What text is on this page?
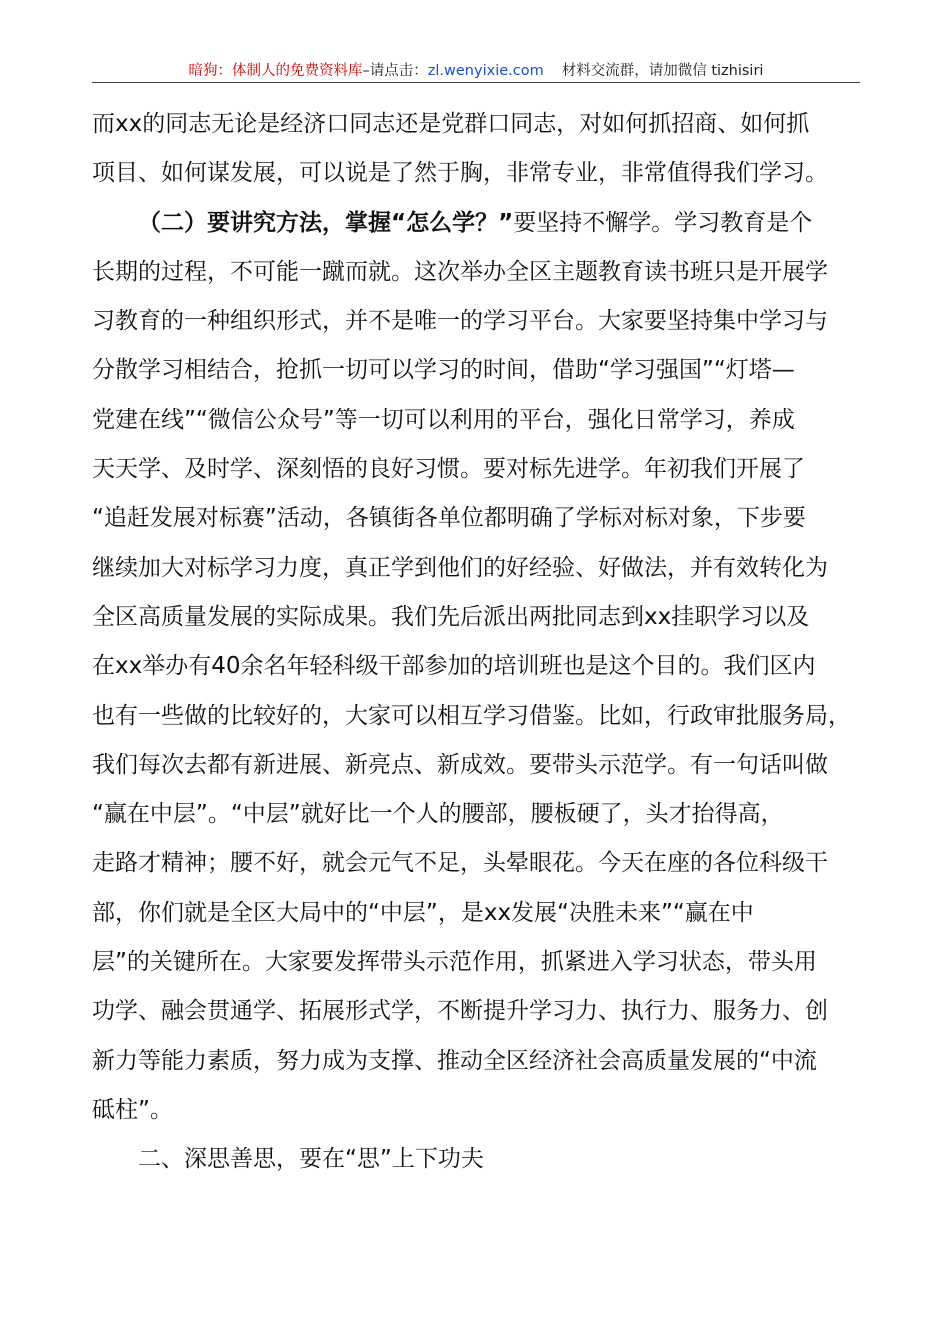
暗狗：体制人的免费资料库–请点击：zl.wenyixie.com 材料交流群，请加微信 tizhisiri
而xx的同志无论是经济口同志还是党群口同志，对如何抓招商、如何抓
项目、如何谋发展，可以说是了然于胸，非常专业，非常值得我们学习。
（二）要讲究方法，掌握“怎么学？”要坚持不懈学。学习教育是个
长期的过程，不可能一蹴而就。这次举办全区主题教育读书班只是开展学
习教育的一种组织形式，并不是唯一的学习平台。大家要坚持集中学习与
分散学习相结合，抢抓一切可以学习的时间，借助“学习强国”“灯塔—
党建在线”“微信公众号”等一切可以利用的平台，强化日常学习，养成
天天学、及时学、深刻悟的良好习惯。要对标先进学。年初我们开展了
“追赶发展对标赛”活动，各镇街各单位都明确了学标对标对象，下步要
继续加大对标学习力度，真正学到他们的好经验、好做法，并有效转化为
全区高质量发展的实际成果。我们先后派出两批同志到xx挂职学习以及
在xx举办有40余名年轻科级干部参加的培训班也是这个目的。我们区内
也有一些做的比较好的，大家可以相互学习借鉴。比如，行政审批服务局，
我们每次去都有新进展、新亮点、新成效。要带头示范学。有一句话叫做
“赢在中层”。“中层”就好比一个人的腰部，腰板硬了，头才抬得高，
走路才精神；腰不好，就会元气不足，头晕眼花。今天在座的各位科级干
部，你们就是全区大局中的“中层”，是xx发展“决胜未来”“赢在中
层”的关键所在。大家要发挥带头示范作用，抓紧进入学习状态，带头用
功学、融会贯通学、拓展形式学，不断提升学习力、执行力、服务力、创
新力等能力素质，努力成为支撑、推动全区经济社会高质量发展的“中流
砥柱”。
二、深思善思，要在“思”上下功夫
